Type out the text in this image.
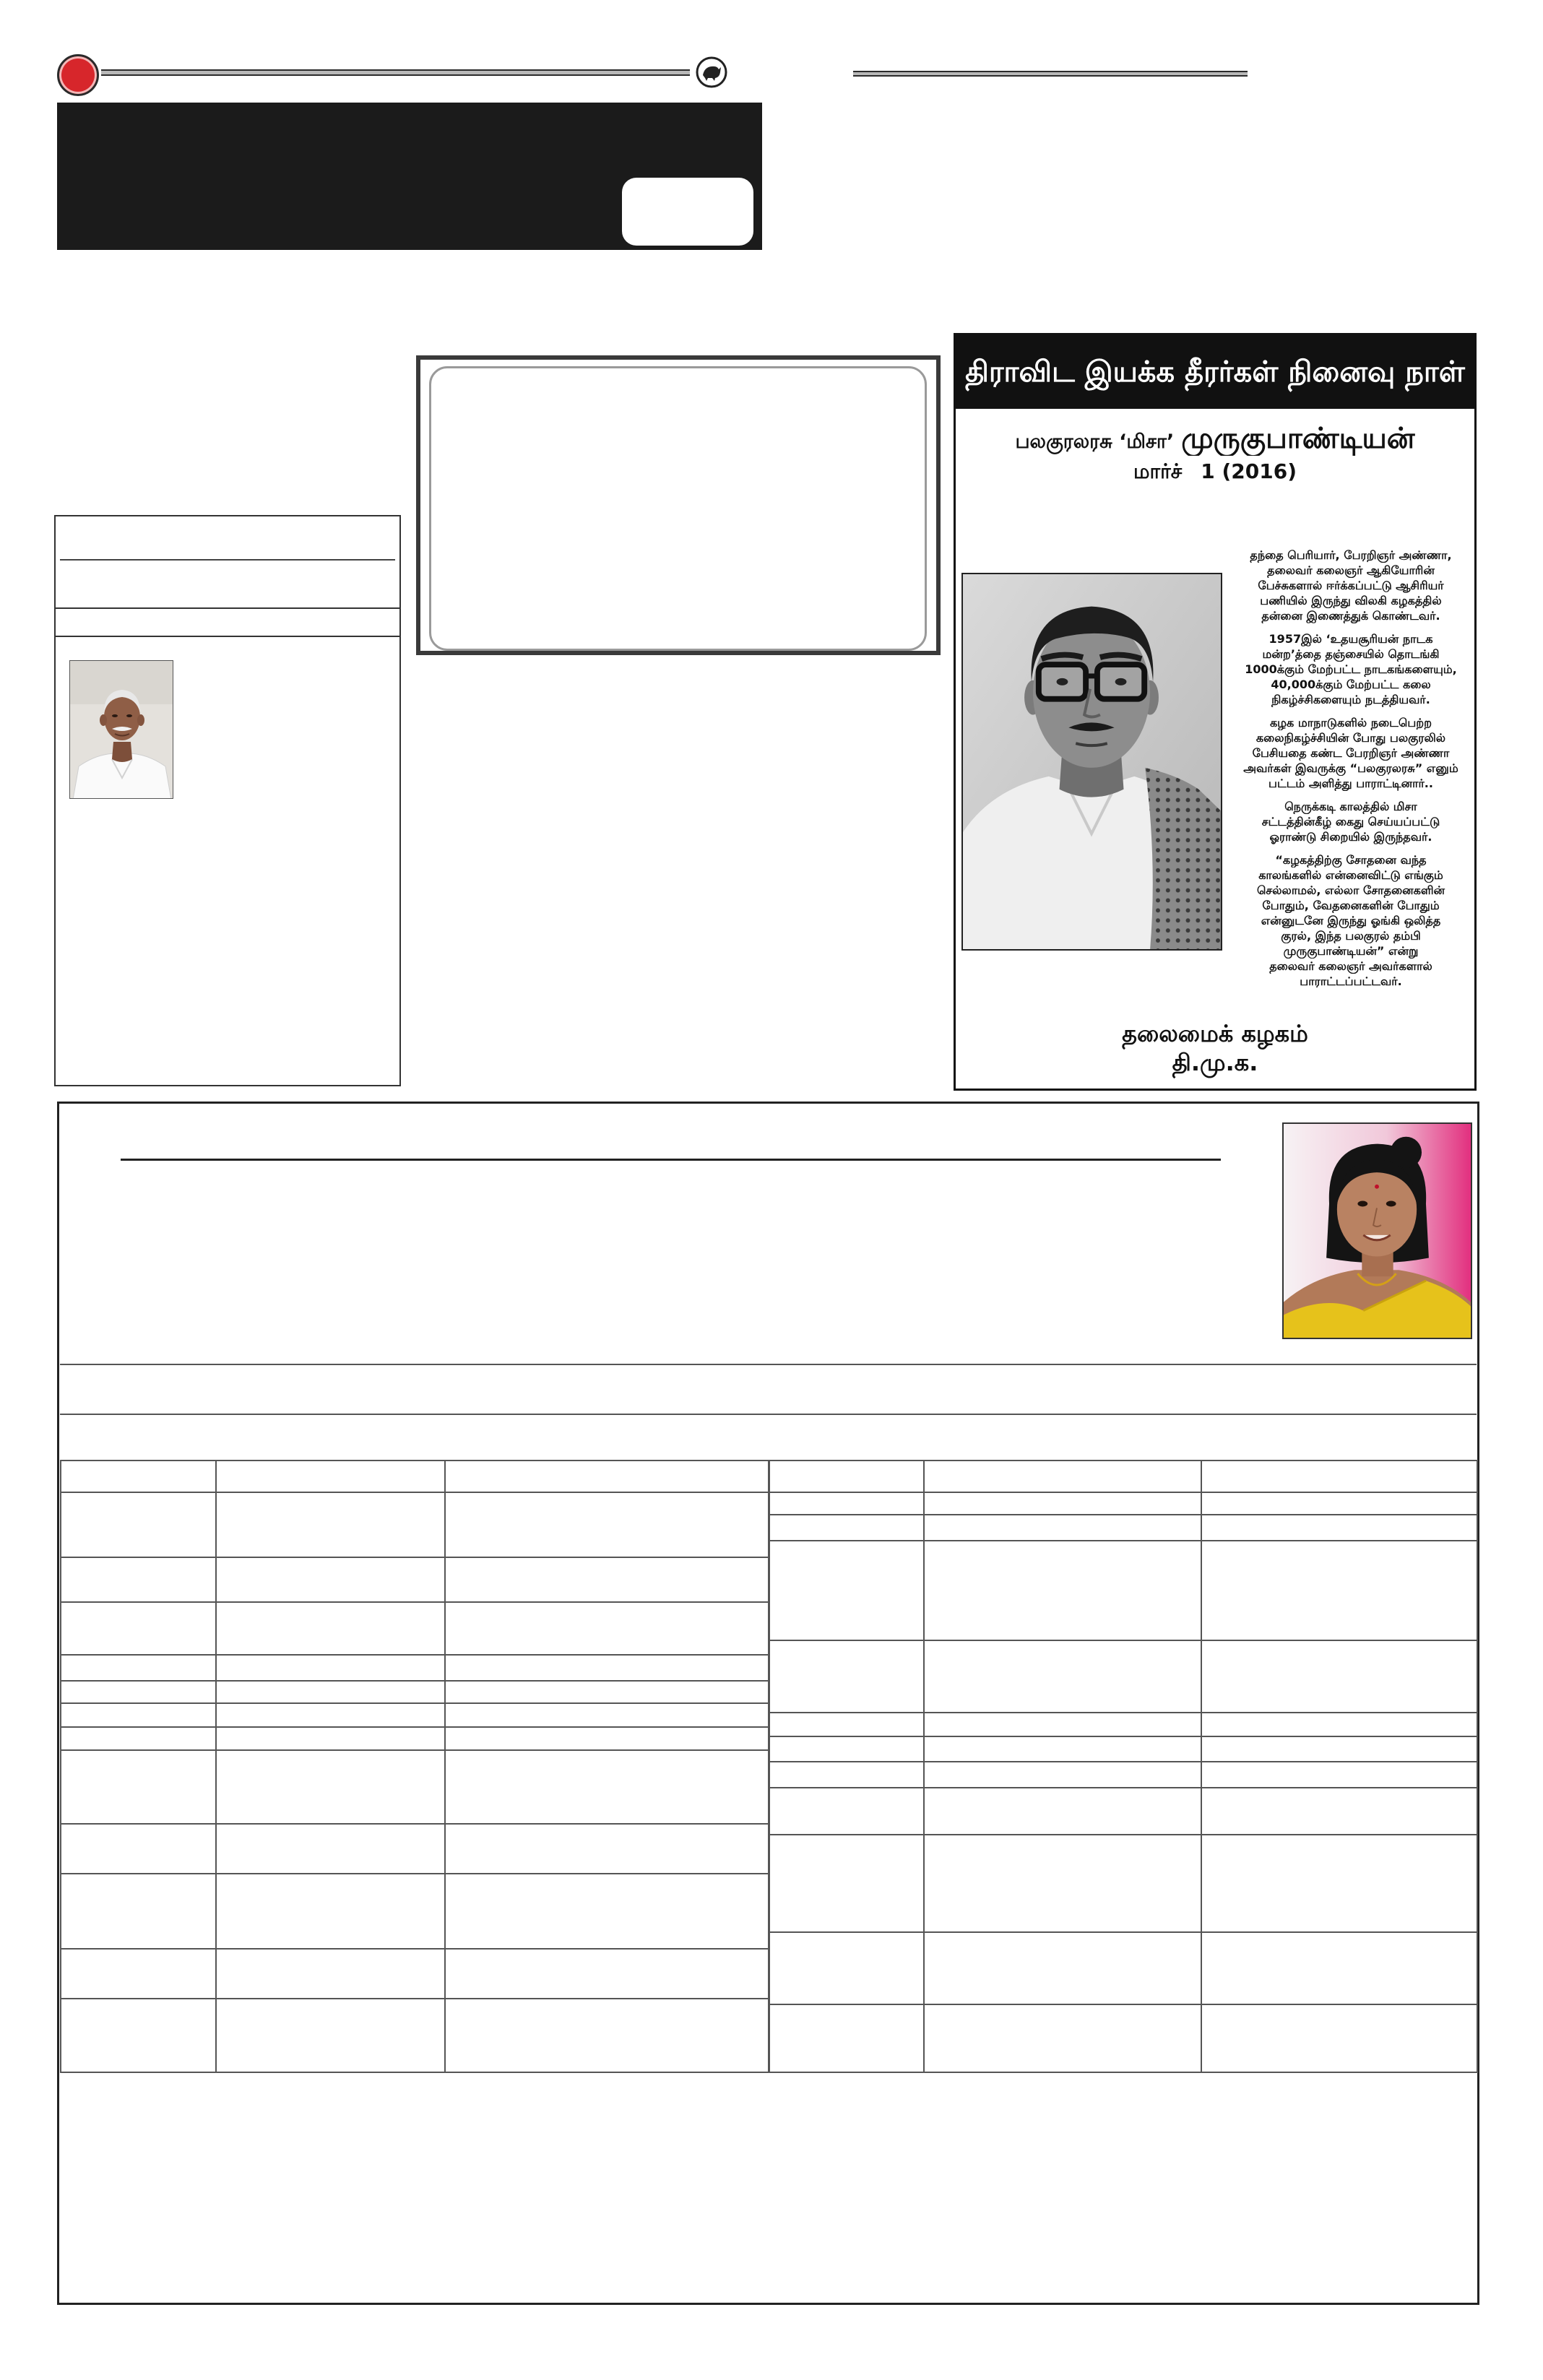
திராவிட இயக்க தீரர்கள் நினைவு நாள்
பலகுரலரசு ‘மிசா’ முருகுபாண்டியன்
மார்ச் 1 (2016)
தந்தை பெரியார், பேரறிஞர் அண்ணா,
தலைவர் கலைஞர் ஆகியோரின்
பேச்சுகளால் ஈர்க்கப்பட்டு ஆசிரியர்
பணியில் இருந்து விலகி கழகத்தில்
தன்னை இணைத்துக் கொண்டவர்.
1957இல் ‘உதயசூரியன் நாடக
மன்ற’த்தை தஞ்சையில் தொடங்கி
1000க்கும் மேற்பட்ட நாடகங்களையும்,
40,000க்கும் மேற்பட்ட கலை
நிகழ்ச்சிகளையும் நடத்தியவர்.
கழக மாநாடுகளில் நடைபெற்ற
கலைநிகழ்ச்சியின் போது பலகுரலில்
பேசியதை கண்ட பேரறிஞர் அண்ணா
அவர்கள் இவருக்கு “பலகுரலரசு” எனும்
பட்டம் அளித்து பாராட்டினார்..
நெருக்கடி காலத்தில் மிசா
சட்டத்தின்கீழ் கைது செய்யப்பட்டு
ஓராண்டு சிறையில் இருந்தவர்.
“கழகத்திற்கு சோதனை வந்த
காலங்களில் என்னைவிட்டு எங்கும்
செல்லாமல், எல்லா சோதனைகளின்
போதும், வேதனைகளின் போதும்
என்னுடனே இருந்து ஓங்கி ஒலித்த
குரல், இந்த பலகுரல் தம்பி
முருகுபாண்டியன்” என்று
தலைவர் கலைஞர் அவர்களால்
பாராட்டப்பட்டவர்.
தலைமைக் கழகம்
தி.மு.க.
